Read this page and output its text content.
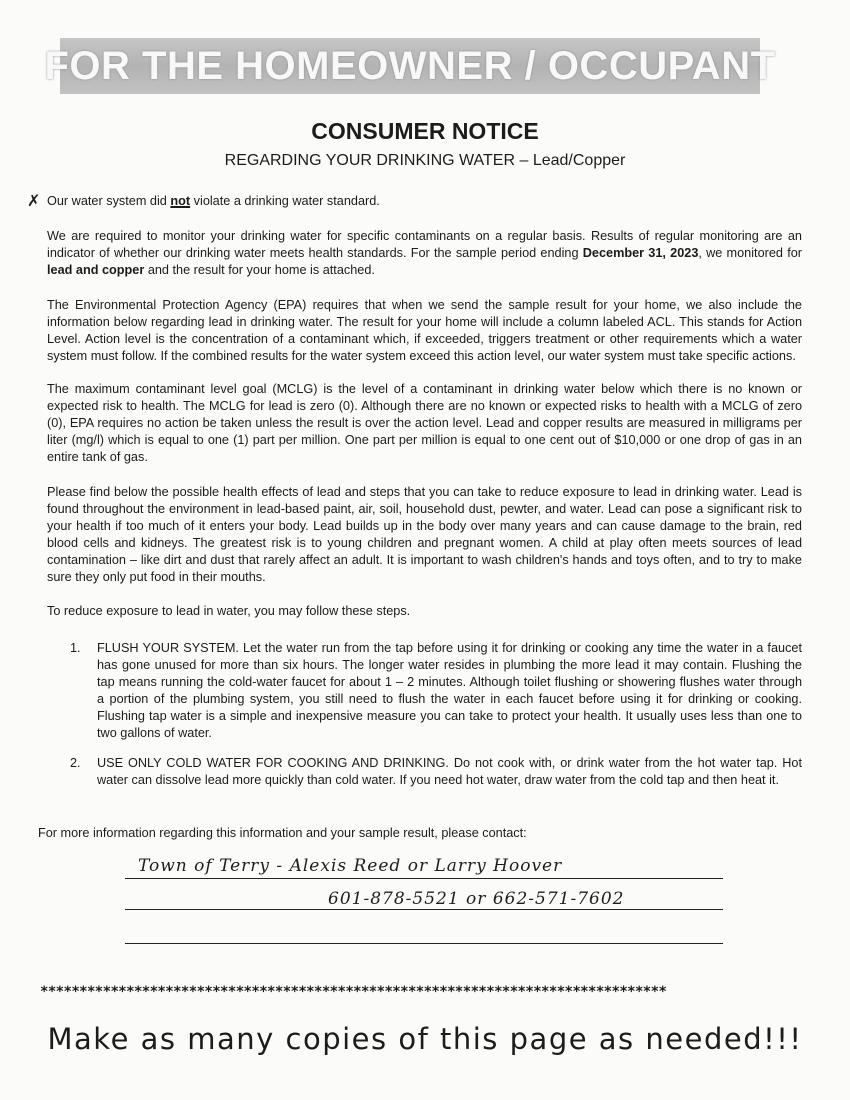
FOR THE HOMEOWNER / OCCUPANT
CONSUMER NOTICE

REGARDING YOUR DRINKING WATER – Lead/Copper

✗ Our water system did not violate a drinking water standard.

We are required to monitor your drinking water for specific contaminants on a regular basis. Results of regular monitoring are an indicator of whether our drinking water meets health standards. For the sample period ending December 31, 2023, we monitored for lead and copper and the result for your home is attached.

The Environmental Protection Agency (EPA) requires that when we send the sample result for your home, we also include the information below regarding lead in drinking water. The result for your home will include a column labeled ACL. This stands for Action Level. Action level is the concentration of a contaminant which, if exceeded, triggers treatment or other requirements which a water system must follow. If the combined results for the water system exceed this action level, our water system must take specific actions.

The maximum contaminant level goal (MCLG) is the level of a contaminant in drinking water below which there is no known or expected risk to health. The MCLG for lead is zero (0). Although there are no known or expected risks to health with a MCLG of zero (0), EPA requires no action be taken unless the result is over the action level. Lead and copper results are measured in milligrams per liter (mg/l) which is equal to one (1) part per million. One part per million is equal to one cent out of $10,000 or one drop of gas in an entire tank of gas.

Please find below the possible health effects of lead and steps that you can take to reduce exposure to lead in drinking water. Lead is found throughout the environment in lead-based paint, air, soil, household dust, pewter, and water. Lead can pose a significant risk to your health if too much of it enters your body. Lead builds up in the body over many years and can cause damage to the brain, red blood cells and kidneys. The greatest risk is to young children and pregnant women. A child at play often meets sources of lead contamination – like dirt and dust that rarely affect an adult. It is important to wash children's hands and toys often, and to try to make sure they only put food in their mouths.

To reduce exposure to lead in water, you may follow these steps.

1.	FLUSH YOUR SYSTEM. Let the water run from the tap before using it for drinking or cooking any time the water in a faucet has gone unused for more than six hours. The longer water resides in plumbing the more lead it may contain. Flushing the tap means running the cold-water faucet for about 1 – 2 minutes. Although toilet flushing or showering flushes water through a portion of the plumbing system, you still need to flush the water in each faucet before using it for drinking or cooking. Flushing tap water is a simple and inexpensive measure you can take to protect your health. It usually uses less than one to two gallons of water.
2.	USE ONLY COLD WATER FOR COOKING AND DRINKING. Do not cook with, or drink water from the hot water tap. Hot water can dissolve lead more quickly than cold water. If you need hot water, draw water from the cold tap and then heat it.

For more information regarding this information and your sample result, please contact:

Town of Terry - Alexis Reed or Larry Hoover
601-878-5521 or 662-571-7602
********************************************************************************
Make as many copies of this page as needed!!!
